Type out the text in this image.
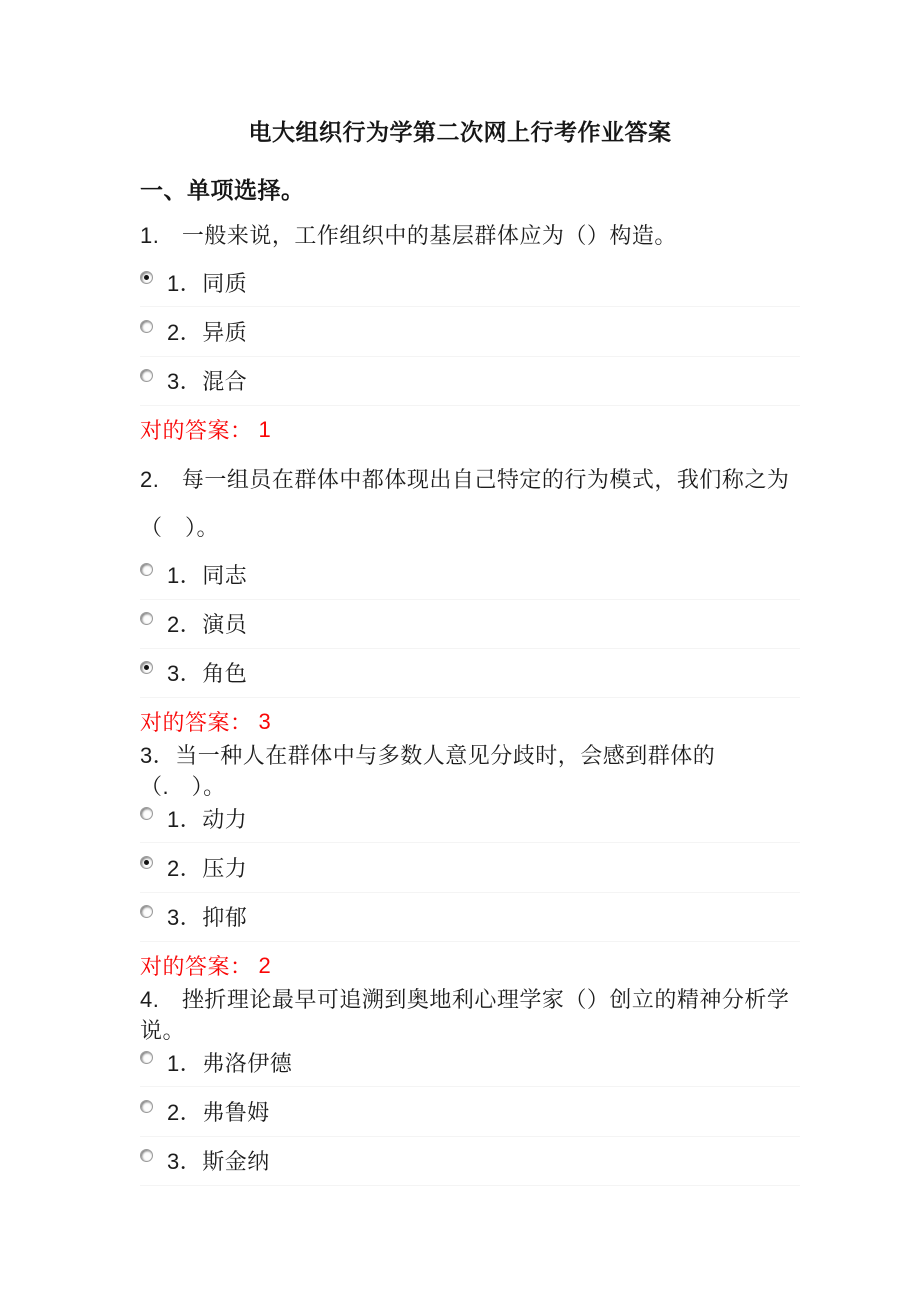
电大组织行为学第二次网上行考作业答案
一、单项选择。
1.　一般来说，工作组织中的基层群体应为（）构造。
1．同质
2．异质
3．混合
对的答案： 1
2.　每一组员在群体中都体现出自己特定的行为模式，我们称之为
（　）。
1．同志
2．演员
3．角色
对的答案： 3
3．当一种人在群体中与多数人意见分歧时，会感到群体的（.　）。
1．动力
2．压力
3．抑郁
对的答案： 2
4.　挫折理论最早可追溯到奥地利心理学家（）创立的精神分析学说。
1．弗洛伊德
2．弗鲁姆
3．斯金纳
